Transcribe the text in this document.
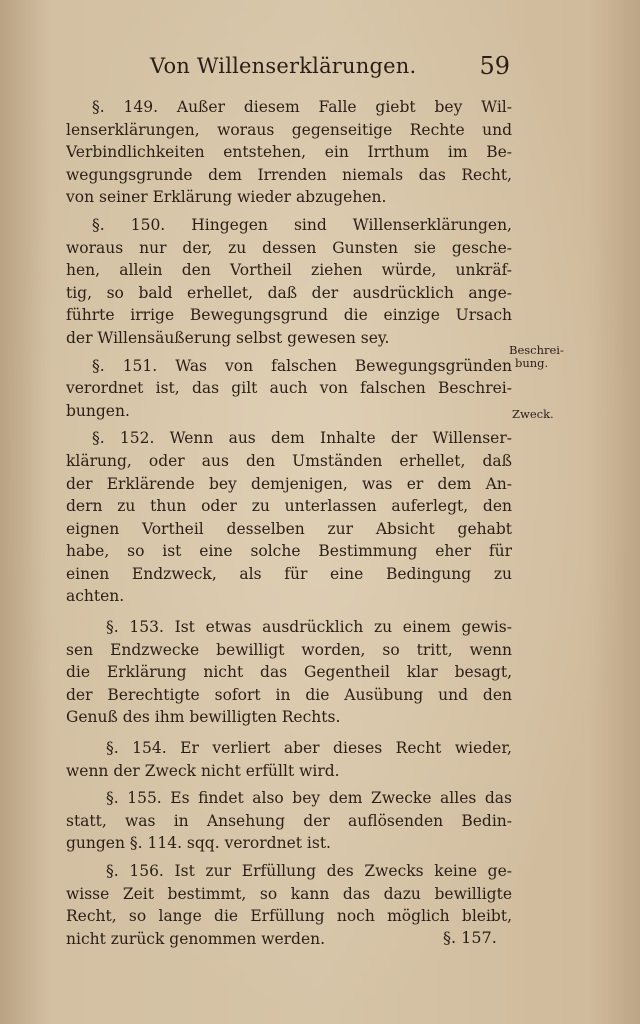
Von Willenserklärungen.	59
§. 149. Außer diesem Falle giebt bey Wil-
lenserklärungen, woraus gegenseitige Rechte und
Verbindlichkeiten entstehen, ein Irrthum im Be-
wegungsgrunde dem Irrenden niemals das Recht,
von seiner Erklärung wieder abzugehen.
§. 150. Hingegen sind Willenserklärungen,
woraus nur der, zu dessen Gunsten sie gesche-
hen, allein den Vortheil ziehen würde, unkräf-
tig, so bald erhellet, daß der ausdrücklich ange-
führte irrige Bewegungsgrund die einzige Ursach
der Willensäußerung selbst gewesen sey.
§. 151. Was von falschen Bewegungsgründen
verordnet ist, das gilt auch von falschen Beschrei-
bungen.
§. 152. Wenn aus dem Inhalte der Willenser-
klärung, oder aus den Umständen erhellet, daß
der Erklärende bey demjenigen, was er dem An-
dern zu thun oder zu unterlassen auferlegt, den
eignen Vortheil desselben zur Absicht gehabt
habe, so ist eine solche Bestimmung eher für
einen Endzweck, als für eine Bedingung zu
achten.
§. 153. Ist etwas ausdrücklich zu einem gewis-
sen Endzwecke bewilligt worden, so tritt, wenn
die Erklärung nicht das Gegentheil klar besagt,
der Berechtigte sofort in die Ausübung und den
Genuß des ihm bewilligten Rechts.
§. 154. Er verliert aber dieses Recht wieder,
wenn der Zweck nicht erfüllt wird.
§. 155. Es findet also bey dem Zwecke alles das
statt, was in Ansehung der auflösenden Bedin-
gungen §. 114. sqq. verordnet ist.
§. 156. Ist zur Erfüllung des Zwecks keine ge-
wisse Zeit bestimmt, so kann das dazu bewilligte
Recht, so lange die Erfüllung noch möglich bleibt,
nicht zurück genommen werden.
Beschrei-
bung.
Zweck.
§. 157.
